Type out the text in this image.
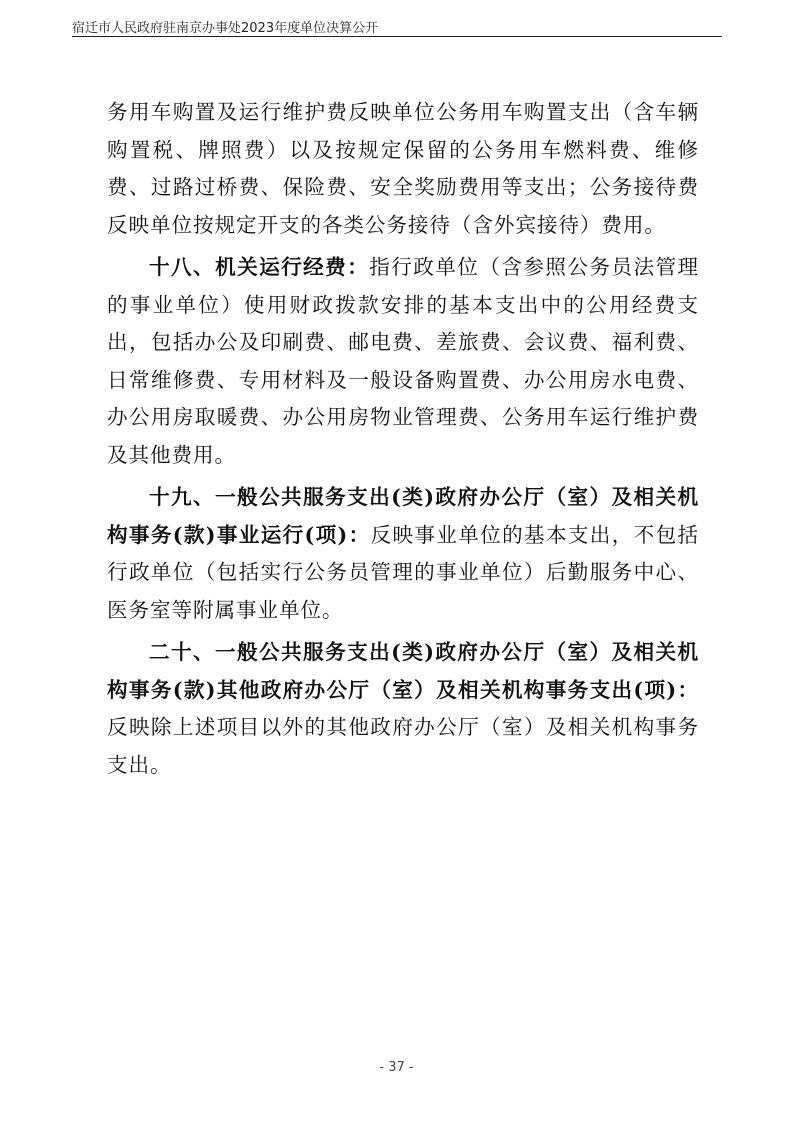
宿迁市人民政府驻南京办事处2023年度单位决算公开

务用车购置及运行维护费反映单位公务用车购置支出（含车辆购置税、牌照费）以及按规定保留的公务用车燃料费、维修费、过路过桥费、保险费、安全奖励费用等支出；公务接待费反映单位按规定开支的各类公务接待（含外宾接待）费用。

十八、机关运行经费：指行政单位（含参照公务员法管理的事业单位）使用财政拨款安排的基本支出中的公用经费支出，包括办公及印刷费、邮电费、差旅费、会议费、福利费、日常维修费、专用材料及一般设备购置费、办公用房水电费、办公用房取暖费、办公用房物业管理费、公务用车运行维护费及其他费用。

十九、一般公共服务支出(类)政府办公厅（室）及相关机构事务(款)事业运行(项)：反映事业单位的基本支出，不包括行政单位（包括实行公务员管理的事业单位）后勤服务中心、医务室等附属事业单位。

二十、一般公共服务支出(类)政府办公厅（室）及相关机构事务(款)其他政府办公厅（室）及相关机构事务支出(项)：反映除上述项目以外的其他政府办公厅（室）及相关机构事务支出。

- 37 -
